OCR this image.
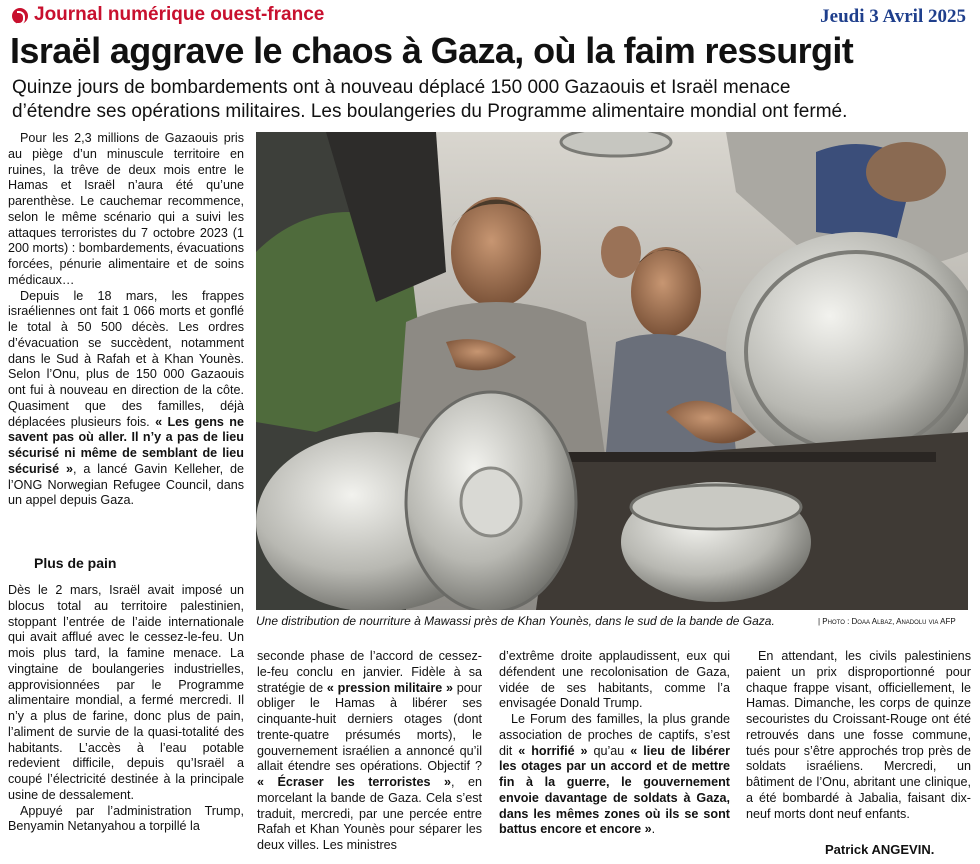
Journal numérique ouest-france	Jeudi 3 Avril 2025
Israël aggrave le chaos à Gaza, où la faim ressurgit
Quinze jours de bombardements ont à nouveau déplacé 150 000 Gazaouis et Israël menace
d’étendre ses opérations militaires. Les boulangeries du Programme alimentaire mondial ont fermé.

Pour les 2,3 millions de Gazaouis pris au piège d’un minuscule territoire en ruines, la trêve de deux mois entre le Hamas et Israël n’aura été qu’une parenthèse. Le cauchemar recommence, selon le même scénario qui a suivi les attaques terroristes du 7 octobre 2023 (1 200 morts) : bombardements, évacuations forcées, pénurie alimentaire et de soins médicaux…

Depuis le 18 mars, les frappes israéliennes ont fait 1 066 morts et gonflé le total à 50 500 décès. Les ordres d’évacuation se succèdent, notamment dans le Sud à Rafah et à Khan Younès. Selon l’Onu, plus de 150 000 Gazaouis ont fui à nouveau en direction de la côte. Quasiment que des familles, déjà déplacées plusieurs fois. « Les gens ne savent pas où aller. Il n’y a pas de lieu sécurisé ni même de semblant de lieu sécurisé », a lancé Gavin Kelleher, de l’ONG Norwegian Refugee Council, dans un appel depuis Gaza.

Plus de pain

Dès le 2 mars, Israël avait imposé un blocus total au territoire palestinien, stoppant l’entrée de l’aide internationale qui avait afflué avec le cessez-le-feu. Un mois plus tard, la famine menace. La vingtaine de boulangeries industrielles, approvisionnées par le Programme alimentaire mondial, a fermé mercredi. Il n’y a plus de farine, donc plus de pain, l’aliment de survie de la quasi-totalité des habitants. L’accès à l’eau potable redevient difficile, depuis qu’Israël a coupé l’électricité destinée à la principale usine de dessalement.

Appuyé par l’administration Trump, Benyamin Netanyahou a torpillé la

Une distribution de nourriture à Mawassi près de Khan Younès, dans le sud de la bande de Gaza.	| Photo : Doaa Albaz, Anadolu via AFP

seconde phase de l’accord de cessez-le-feu conclu en janvier. Fidèle à sa stratégie de « pression militaire » pour obliger le Hamas à libérer ses cinquante-huit derniers otages (dont trente-quatre présumés morts), le gouvernement israélien a annoncé qu’il allait étendre ses opérations. Objectif ? « Écraser les terroristes », en morcelant la bande de Gaza. Cela s’est traduit, mercredi, par une percée entre Rafah et Khan Younès pour séparer les deux villes. Les ministres

d’extrême droite applaudissent, eux qui défendent une recolonisation de Gaza, vidée de ses habitants, comme l’a envisagée Donald Trump.

Le Forum des familles, la plus grande association de proches de captifs, s’est dit « horrifié » qu’au « lieu de libérer les otages par un accord et de mettre fin à la guerre, le gouvernement envoie davantage de soldats à Gaza, dans les mêmes zones où ils se sont battus encore et encore ».

En attendant, les civils palestiniens paient un prix disproportionné pour chaque frappe visant, officiellement, le Hamas. Dimanche, les corps de quinze secouristes du Croissant-Rouge ont été retrouvés dans une fosse commune, tués pour s’être approchés trop près de soldats israéliens. Mercredi, un bâtiment de l’Onu, abritant une clinique, a été bombardé à Jabalia, faisant dix-neuf morts dont neuf enfants.

Patrick ANGEVIN.
